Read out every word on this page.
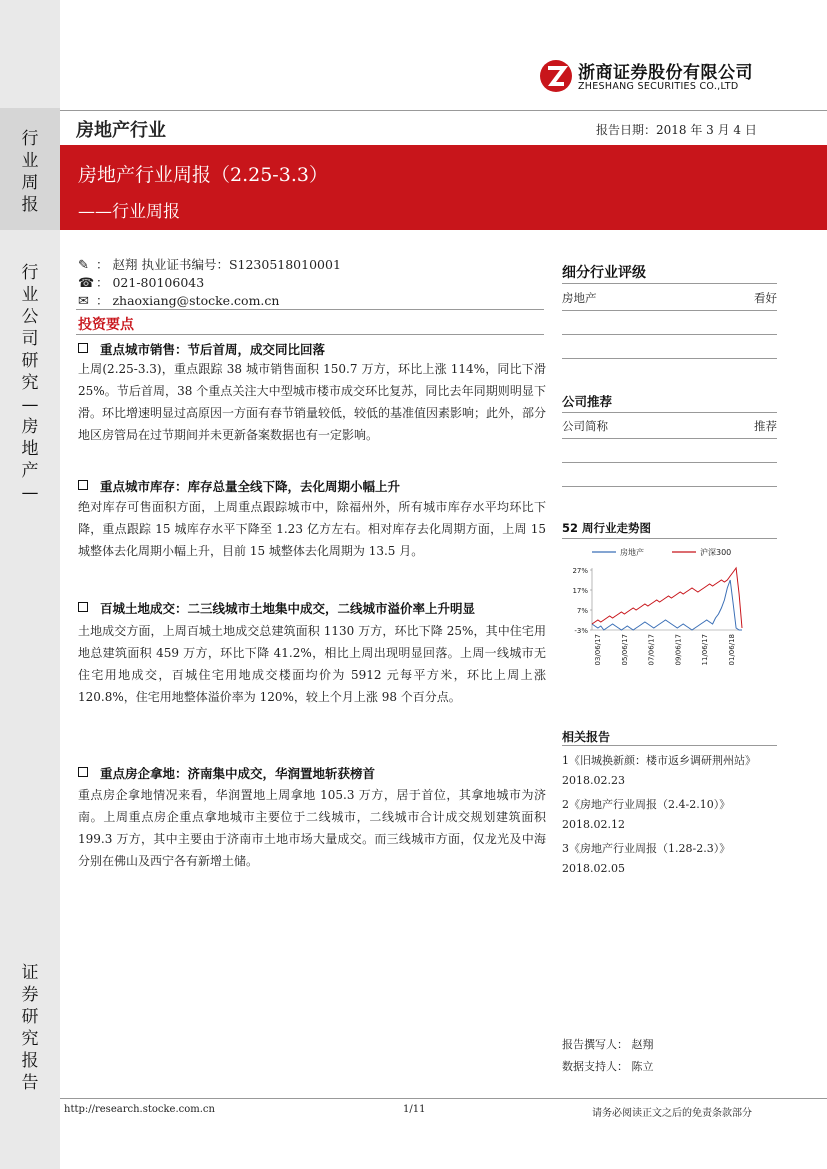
行
业
周
报
行
业
公
司
研
究
—
房
地
产
—
证
券
研
究
报
告
浙商证券股份有限公司
ZHESHANG SECURITIES CO.,LTD
房地产行业	报告日期：2018 年 3 月 4 日
房地产行业周报（2.25-3.3）
——行业周报
✎ ： 赵翔 执业证书编号：S1230518010001
☎ ： 021-80106043
✉ ： zhaoxiang@stocke.com.cn
投资要点
重点城市销售：节后首周，成交同比回落
上周(2.25-3.3)，重点跟踪 38 城市销售面积 150.7 万方，环比上涨 114%，同比下滑 25%。节后首周，38 个重点关注大中型城市楼市成交环比复苏，同比去年同期则明显下滑。环比增速明显过高原因一方面有春节销量较低，较低的基准值因素影响；此外，部分地区房管局在过节期间并未更新备案数据也有一定影响。
重点城市库存：库存总量全线下降，去化周期小幅上升
绝对库存可售面积方面，上周重点跟踪城市中，除福州外，所有城市库存水平均环比下降，重点跟踪 15 城库存水平下降至 1.23 亿方左右。相对库存去化周期方面，上周 15 城整体去化周期小幅上升，目前 15 城整体去化周期为 13.5 月。
百城土地成交：二三线城市土地集中成交，二线城市溢价率上升明显
土地成交方面，上周百城土地成交总建筑面积 1130 万方，环比下降 25%，其中住宅用地总建筑面积 459 万方，环比下降 41.2%，相比上周出现明显回落。上周一线城市无住宅用地成交，百城住宅用地成交楼面均价为 5912 元每平方米，环比上周上涨 120.8%，住宅用地整体溢价率为 120%，较上个月上涨 98 个百分点。
重点房企拿地：济南集中成交，华润置地斩获榜首
重点房企拿地情况来看，华润置地上周拿地 105.3 万方，居于首位，其拿地城市为济南。上周重点房企重点拿地城市主要位于二线城市，二线城市合计成交规划建筑面积 199.3 万方，其中主要由于济南市土地市场大量成交。而三线城市方面，仅龙光及中海分别在佛山及西宁各有新增土储。
细分行业评级
房地产	看好
公司推荐
公司简称	推荐
52 周行业走势图
房地产	沪深300
27%
17%
7%
-3%
03/06/17	05/06/17	07/06/17	09/06/17	11/06/17	01/06/18
相关报告
1《旧城换新颜：楼市返乡调研荆州站》
2018.02.23
2《房地产行业周报（2.4-2.10）》
2018.02.12
3《房地产行业周报（1.28-2.3）》
2018.02.05
报告撰写人： 赵翔
数据支持人： 陈立
http://research.stocke.com.cn	1/11	请务必阅读正文之后的免责条款部分
